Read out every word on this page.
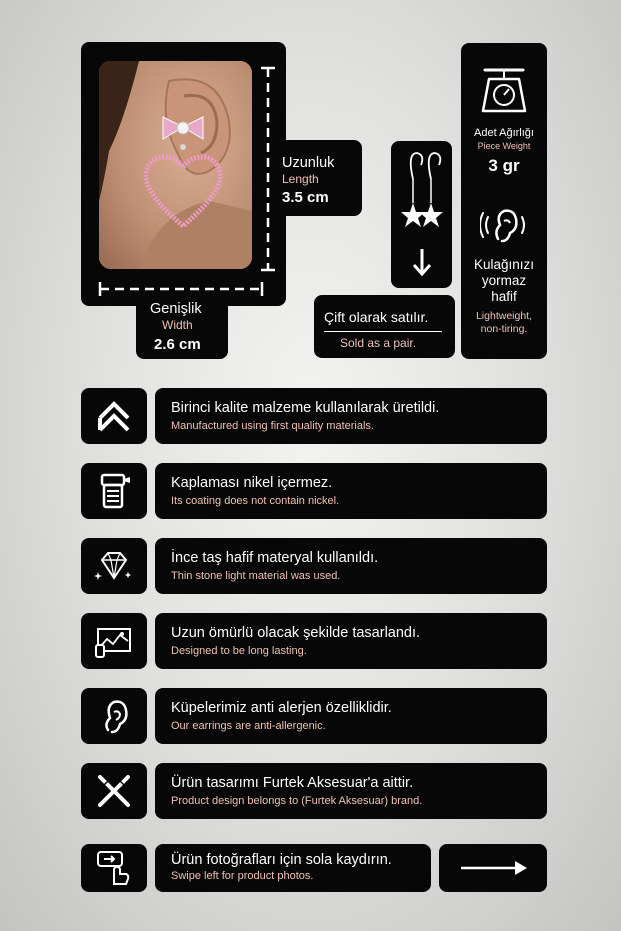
Uzunluk
Length
3.5 cm
Genişlik
Width
2.6 cm
Çift olarak satılır.
Sold as a pair.
Adet Ağırlığı
Piece Weight
3 gr
Kulağınızı
yormaz
hafif
Lightweight,
non-tiring.
Birinci kalite malzeme kullanılarak üretildi.
Manufactured using first quality materials.
Kaplaması nikel içermez.
Its coating does not contain nickel.
İnce taş hafif materyal kullanıldı.
Thin stone light material was used.
Uzun ömürlü olacak şekilde tasarlandı.
Designed to be long lasting.
Küpelerimiz anti alerjen özelliklidir.
Our earrings are anti-allergenic.
Ürün tasarımı Furtek Aksesuar'a aittir.
Product design belongs to (Furtek Aksesuar) brand.
Ürün fotoğrafları için sola kaydırın.
Swipe left for product photos.
